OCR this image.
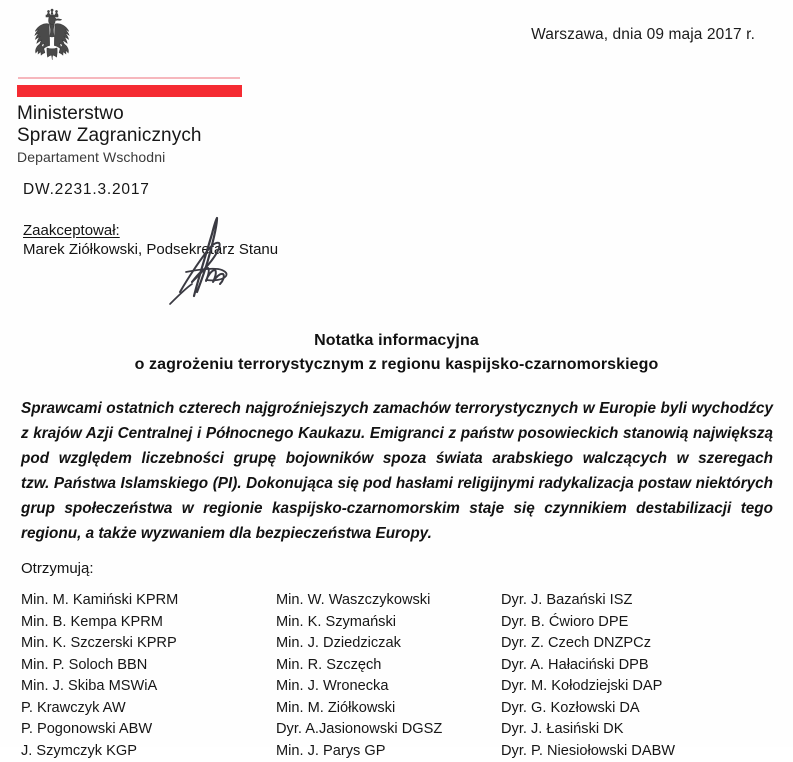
Warszawa, dnia 09 maja 2017 r.
Ministerstwo
Spraw Zagranicznych
Departament Wschodni
DW.2231.3.2017
Zaakceptował:
Marek Ziółkowski, Podsekretarz Stanu
Notatka informacyjna
o zagrożeniu terrorystycznym z regionu kaspijsko-czarnomorskiego
Sprawcami ostatnich czterech najgroźniejszych zamachów terrorystycznych w Europie byli wychodźcy
z krajów Azji Centralnej i Północnego Kaukazu. Emigranci z państw posowieckich stanowią największą
pod względem liczebności grupę bojowników spoza świata arabskiego walczących w szeregach
tzw. Państwa Islamskiego (PI). Dokonująca się pod hasłami religijnymi radykalizacja postaw niektórych
grup społeczeństwa w regionie kaspijsko-czarnomorskim staje się czynnikiem destabilizacji tego
regionu, a także wyzwaniem dla bezpieczeństwa Europy.
Otrzymują:
Min. M. Kamiński KPRM
Min. B. Kempa KPRM
Min. K. Szczerski KPRP
Min. P. Soloch BBN
Min. J. Skiba MSWiA
P. Krawczyk AW
P. Pogonowski ABW
J. Szymczyk KGP
Min. W. Waszczykowski
Min. K. Szymański
Min. J. Dziedziczak
Min. R. Szczęch
Min. J. Wronecka
Min. M. Ziółkowski
Dyr. A.Jasionowski DGSZ
Min. J. Parys GP
Dyr. J. Bazański ISZ
Dyr. B. Ćwioro DPE
Dyr. Z. Czech DNZPCz
Dyr. A. Hałaciński DPB
Dyr. M. Kołodziejski DAP
Dyr. G. Kozłowski DA
Dyr. J. Łasiński DK
Dyr. P. Niesiołowski DABW
